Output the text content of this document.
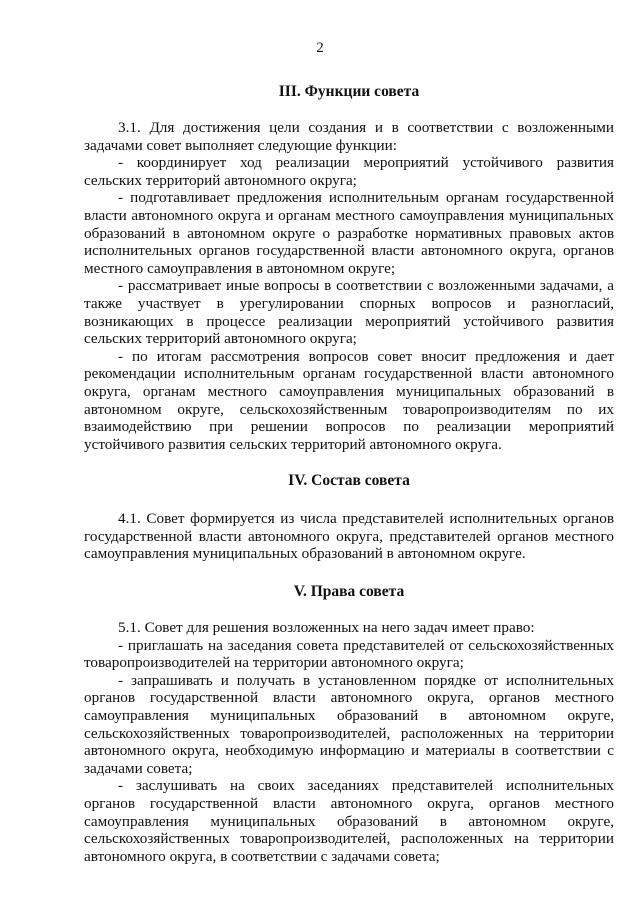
2
III. Функции совета

3.1. Для достижения цели создания и в соответствии с возложенными задачами совет выполняет следующие функции:

- координирует ход реализации мероприятий устойчивого развития сельских территорий автономного округа;

- подготавливает предложения исполнительным органам государственной власти автономного округа и органам местного самоуправления муниципальных образований в автономном округе о разработке нормативных правовых актов исполнительных органов государственной власти автономного округа, органов местного самоуправления в автономном округе;

- рассматривает иные вопросы в соответствии с возложенными задачами, а также участвует в урегулировании спорных вопросов и разногласий, возникающих в процессе реализации мероприятий устойчивого развития сельских территорий автономного округа;

- по итогам рассмотрения вопросов совет вносит предложения и дает рекомендации исполнительным органам государственной власти автономного округа, органам местного самоуправления муниципальных образований в автономном округе, сельскохозяйственным товаропроизводителям по их взаимодействию при решении вопросов по реализации мероприятий устойчивого развития сельских территорий автономного округа.

IV. Состав совета

4.1. Совет формируется из числа представителей исполнительных органов государственной власти автономного округа, представителей органов местного самоуправления муниципальных образований в автономном округе.

V. Права совета

5.1. Совет для решения возложенных на него задач имеет право:

- приглашать на заседания совета представителей от сельскохозяйственных товаропроизводителей на территории автономного округа;

- запрашивать и получать в установленном порядке от исполнительных органов государственной власти автономного округа, органов местного самоуправления муниципальных образований в автономном округе, сельскохозяйственных товаропроизводителей, расположенных на территории автономного округа, необходимую информацию и материалы в соответствии с задачами совета;

- заслушивать на своих заседаниях представителей исполнительных органов государственной власти автономного округа, органов местного самоуправления муниципальных образований в автономном округе, сельскохозяйственных товаропроизводителей, расположенных на территории автономного округа, в соответствии с задачами совета;
